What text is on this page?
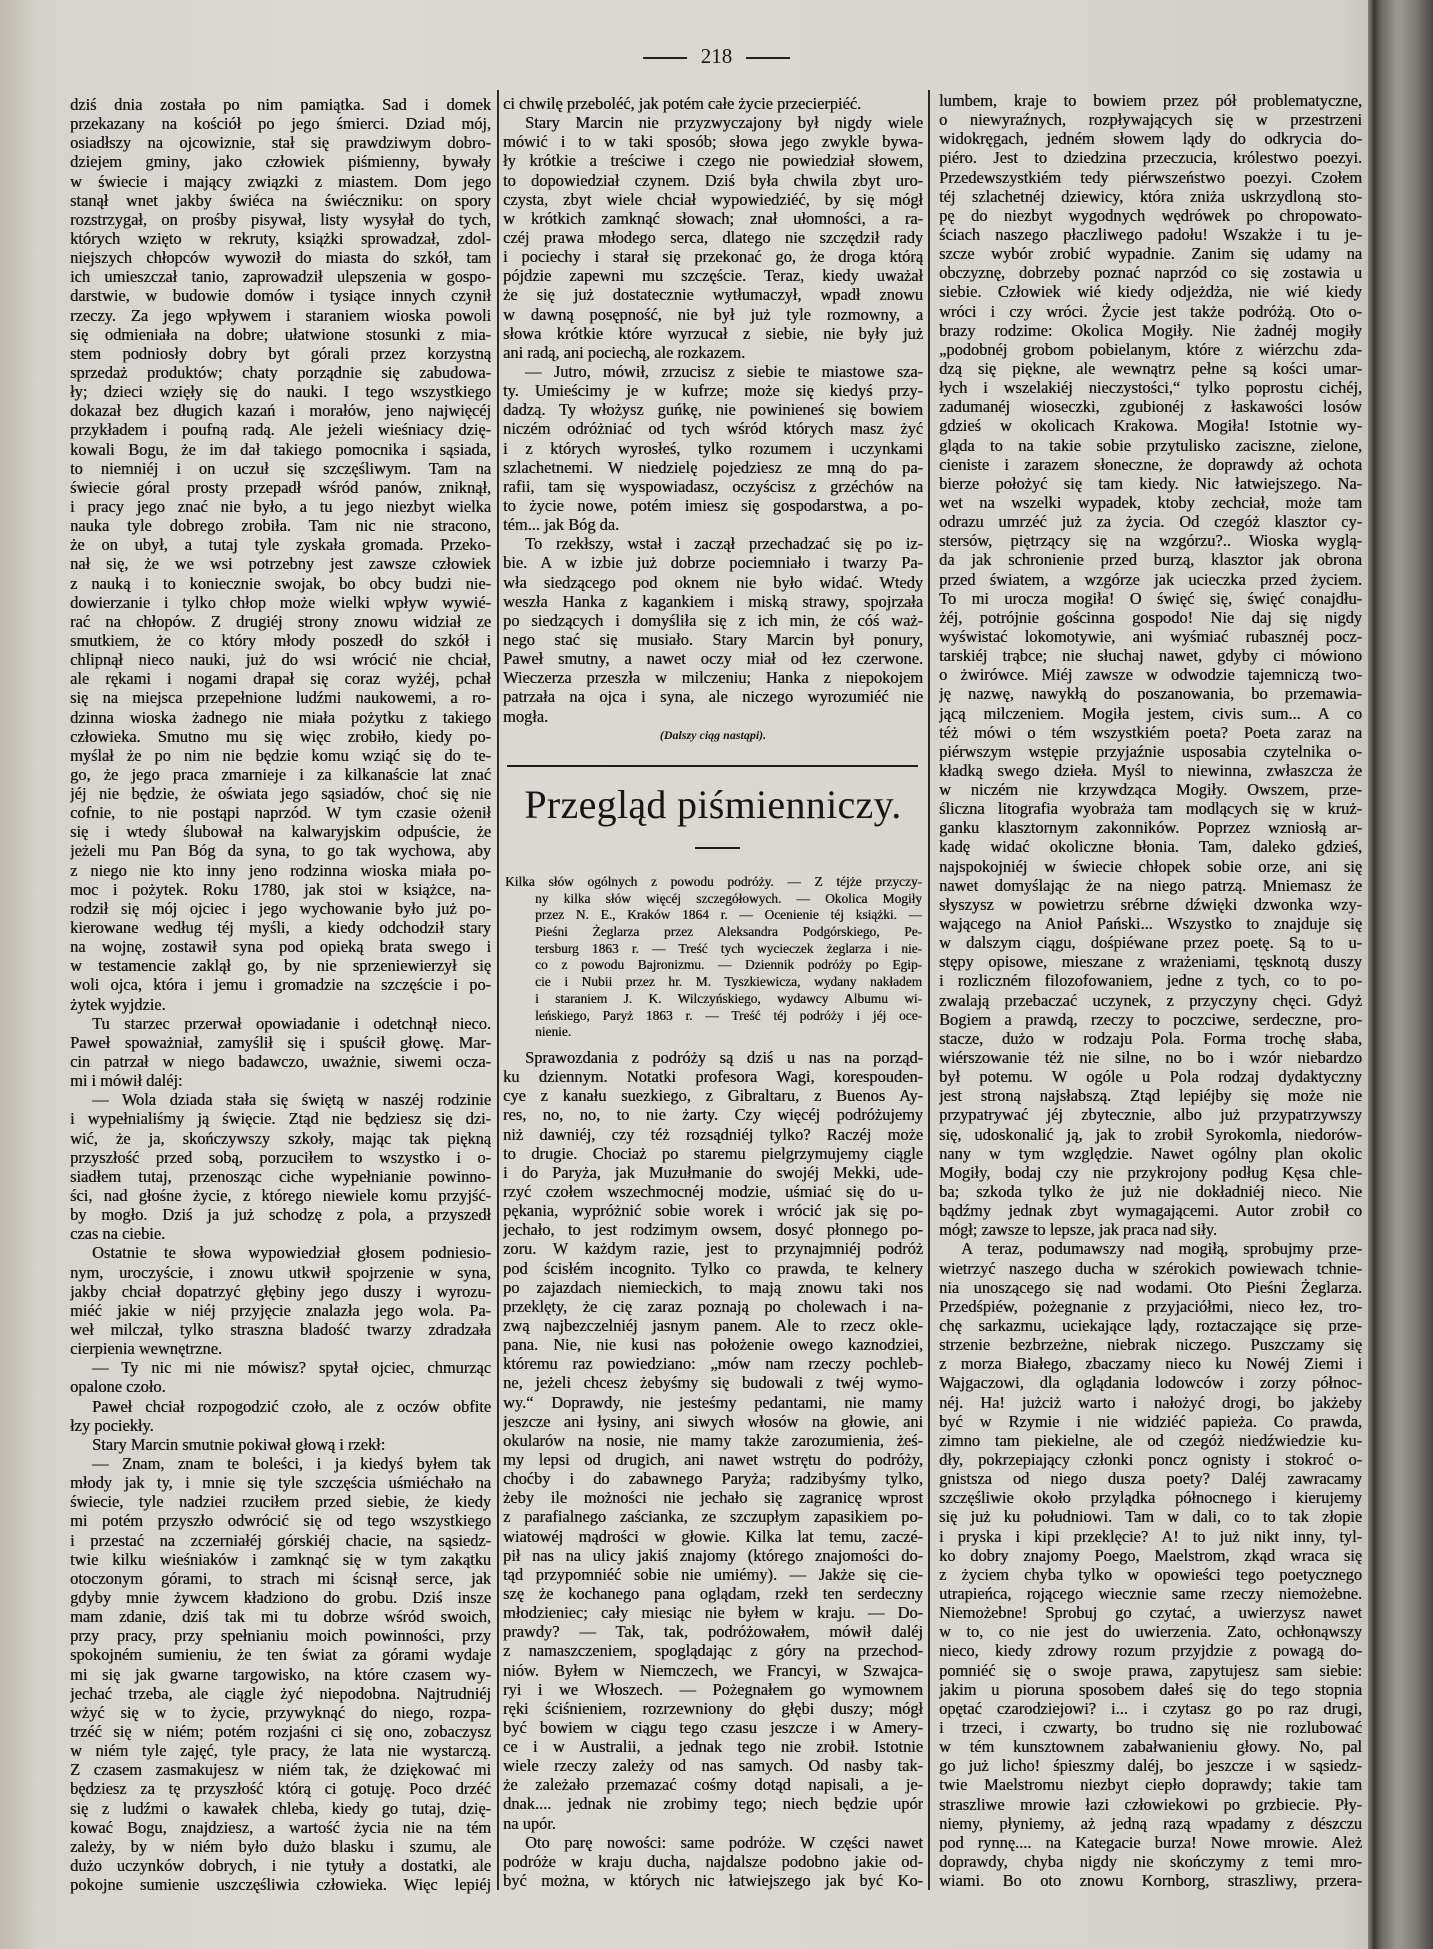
218
dziś dnia została po nim pamiątka. Sad i domek
przekazany na kościół po jego śmierci. Dziad mój,
osiadłszy na ojcowiznie, stał się prawdziwym dobro-
dziejem gminy, jako człowiek piśmienny, bywały
w świecie i mający związki z miastem. Dom jego
stanął wnet jakby świéca na świéczniku: on spory
rozstrzygał, on prośby pisywał, listy wysyłał do tych,
których wzięto w rekruty, książki sprowadzał, zdol-
niejszych chłopców wywoził do miasta do szkół, tam
ich umieszczał tanio, zaprowadził ulepszenia w gospo-
darstwie, w budowie domów i tysiące innych czynił
rzeczy. Za jego wpływem i staraniem wioska powoli
się odmieniała na dobre; ułatwione stosunki z mia-
stem podniosły dobry byt górali przez korzystną
sprzedaż produktów; chaty porządnie się zabudowa-
ły; dzieci wzięły się do nauki. I tego wszystkiego
dokazał bez długich kazań i morałów, jeno najwięcéj
przykładem i poufną radą. Ale jeżeli wieśniacy dzię-
kowali Bogu, że im dał takiego pomocnika i sąsiada,
to niemniéj i on uczuł się szczęśliwym. Tam na
świecie góral prosty przepadł wśród panów, zniknął,
i pracy jego znać nie było, a tu jego niezbyt wielka
nauka tyle dobrego zrobiła. Tam nic nie stracono,
że on ubył, a tutaj tyle zyskała gromada. Przeko-
nał się, że we wsi potrzebny jest zawsze człowiek
z nauką i to koniecznie swojak, bo obcy budzi nie-
dowierzanie i tylko chłop może wielki wpływ wywié-
rać na chłopów. Z drugiéj strony znowu widział ze
smutkiem, że co który młody poszedł do szkół i
chlipnął nieco nauki, już do wsi wrócić nie chciał,
ale rękami i nogami drapał się coraz wyżéj, pchał
się na miejsca przepełnione ludźmi naukowemi, a ro-
dzinna wioska żadnego nie miała pożytku z takiego
człowieka. Smutno mu się więc zrobiło, kiedy po-
myślał że po nim nie będzie komu wziąć się do te-
go, że jego praca zmarnieje i za kilkanaście lat znać
jéj nie będzie, że oświata jego sąsiadów, choć się nie
cofnie, to nie postąpi naprzód. W tym czasie ożenił
się i wtedy ślubował na kalwaryjskim odpuście, że
jeżeli mu Pan Bóg da syna, to go tak wychowa, aby
z niego nie kto inny jeno rodzinna wioska miała po-
moc i pożytek. Roku 1780, jak stoi w książce, na-
rodził się mój ojciec i jego wychowanie było już po-
kierowane według téj myśli, a kiedy odchodził stary
na wojnę, zostawił syna pod opieką brata swego i
w testamencie zaklął go, by nie sprzeniewierzył się
woli ojca, która i jemu i gromadzie na szczęście i po-
żytek wyjdzie.
Tu starzec przerwał opowiadanie i odetchnął nieco.
Paweł spoważniał, zamyślił się i spuścił głowę. Mar-
cin patrzał w niego badawczo, uważnie, siwemi ocza-
mi i mówił daléj:
— Wola dziada stała się świętą w naszéj rodzinie
i wypełnialiśmy ją święcie. Ztąd nie będziesz się dzi-
wić, że ja, skończywszy szkoły, mając tak piękną
przyszłość przed sobą, porzuciłem to wszystko i o-
siadłem tutaj, przenosząc ciche wypełnianie powinno-
ści, nad głośne życie, z którego niewiele komu przyjść-
by mogło. Dziś ja już schodzę z pola, a przyszedł
czas na ciebie.
Ostatnie te słowa wypowiedział głosem podniesio-
nym, uroczyście, i znowu utkwił spojrzenie w syna,
jakby chciał dopatrzyć głębiny jego duszy i wyrozu-
miéć jakie w niéj przyjęcie znalazła jego wola. Pa-
weł milczał, tylko straszna bladość twarzy zdradzała
cierpienia wewnętrzne.
— Ty nic mi nie mówisz? spytał ojciec, chmurząc
opalone czoło.
Paweł chciał rozpogodzić czoło, ale z oczów obfite
łzy pociekły.
Stary Marcin smutnie pokiwał głową i rzekł:
— Znam, znam te boleści, i ja kiedyś byłem tak
młody jak ty, i mnie się tyle szczęścia uśmiéchało na
świecie, tyle nadziei rzuciłem przed siebie, że kiedy
mi potém przyszło odwrócić się od tego wszystkiego
i przestać na zczerniałéj górskiéj chacie, na sąsiedz-
twie kilku wieśniaków i zamknąć się w tym zakątku
otoczonym górami, to strach mi ścisnął serce, jak
gdyby mnie żywcem kładziono do grobu. Dziś insze
mam zdanie, dziś tak mi tu dobrze wśród swoich,
przy pracy, przy spełnianiu moich powinności, przy
spokojném sumieniu, że ten świat za górami wydaje
mi się jak gwarne targowisko, na które czasem wy-
jechać trzeba, ale ciągle żyć niepodobna. Najtrudniéj
wżyć się w to życie, przywyknąć do niego, rozpa-
trzéć się w niém; potém rozjaśni ci się ono, zobaczysz
w niém tyle zajęć, tyle pracy, że lata nie wystarczą.
Z czasem zasmakujesz w niém tak, że dziękować mi
będziesz za tę przyszłość którą ci gotuję. Poco drzéć
się z ludźmi o kawałek chleba, kiedy go tutaj, dzię-
kować Bogu, znajdziesz, a wartość życia nie na tém
zależy, by w niém było dużo blasku i szumu, ale
dużo uczynków dobrych, i nie tytuły a dostatki, ale
pokojne sumienie uszczęśliwia człowieka. Więc lepiéj
ci chwilę przeboléć, jak potém całe życie przecierpiéć.
Stary Marcin nie przyzwyczajony był nigdy wiele
mówić i to w taki sposób; słowa jego zwykle bywa-
ły krótkie a treściwe i czego nie powiedział słowem,
to dopowiedział czynem. Dziś była chwila zbyt uro-
czysta, zbyt wiele chciał wypowiedziéć, by się mógł
w krótkich zamknąć słowach; znał ułomności, a ra-
czéj prawa młodego serca, dlatego nie szczędził rady
i pociechy i starał się przekonać go, że droga którą
pójdzie zapewni mu szczęście. Teraz, kiedy uważał
że się już dostatecznie wytłumaczył, wpadł znowu
w dawną posępność, nie był już tyle rozmowny, a
słowa krótkie które wyrzucał z siebie, nie były już
ani radą, ani pociechą, ale rozkazem.
— Jutro, mówił, zrzucisz z siebie te miastowe sza-
ty. Umieścimy je w kufrze; może się kiedyś przy-
dadzą. Ty włożysz guńkę, nie powinieneś się bowiem
niczém odróżniać od tych wśród których masz żyć
i z których wyrosłeś, tylko rozumem i uczynkami
szlachetnemi. W niedzielę pojedziesz ze mną do pa-
rafii, tam się wyspowiadasz, oczyścisz z grzéchów na
to życie nowe, potém imiesz się gospodarstwa, a po-
tém... jak Bóg da.
To rzekłszy, wstał i zaczął przechadzać się po iz-
bie. A w izbie już dobrze pociemniało i twarzy Pa-
wła siedzącego pod oknem nie było widać. Wtedy
weszła Hanka z kagankiem i miską strawy, spojrzała
po siedzących i domyśliła się z ich min, że cóś waż-
nego stać się musiało. Stary Marcin był ponury,
Paweł smutny, a nawet oczy miał od łez czerwone.
Wieczerza przeszła w milczeniu; Hanka z niepokojem
patrzała na ojca i syna, ale niczego wyrozumiéć nie
mogła.
(Dalszy ciąg nastąpi).
Przegląd piśmienniczy.
Kilka słów ogólnych z powodu podróży. — Z téjże przyczy-
ny kilka słów więcéj szczegółowych. — Okolica Mogiły
przez N. E., Kraków 1864 r. — Ocenienie téj książki. —
Pieśni Żeglarza przez Aleksandra Podgórskiego, Pe-
tersburg 1863 r. — Treść tych wycieczek żeglarza i nie-
co z powodu Bajronizmu. — Dziennik podróży po Egip-
cie i Nubii przez hr. M. Tyszkiewicza, wydany nakładem
i staraniem J. K. Wilczyńskiego, wydawcy Albumu wi-
leńskiego, Paryż 1863 r. — Treść téj podróży i jéj oce-
nienie.
Sprawozdania z podróży są dziś u nas na porząd-
ku dziennym. Notatki profesora Wagi, korespouden-
cye z kanału suezkiego, z Gibraltaru, z Buenos Ay-
res, no, no, to nie żarty. Czy więcéj podróżujemy
niż dawniéj, czy téż rozsądniéj tylko? Raczéj może
to drugie. Chociaż po staremu pielgrzymujemy ciągle
i do Paryża, jak Muzułmanie do swojéj Mekki, ude-
rzyć czołem wszechmocnéj modzie, uśmiać się do u-
pękania, wypróżnić sobie worek i wrócić jak się po-
jechało, to jest rodzimym owsem, dosyć płonnego po-
zoru. W każdym razie, jest to przynajmniéj podróż
pod ścisłém incognito. Tylko co prawda, te kelnery
po zajazdach niemieckich, to mają znowu taki nos
przeklęty, że cię zaraz poznają po cholewach i na-
zwą najbezczelniéj jasnym panem. Ale to rzecz okle-
pana. Nie, nie kusi nas położenie owego kaznodziei,
któremu raz powiedziano: „mów nam rzeczy pochleb-
ne, jeżeli chcesz żebyśmy się budowali z twéj wymo-
wy.“ Doprawdy, nie jesteśmy pedantami, nie mamy
jeszcze ani łysiny, ani siwych włosów na głowie, ani
okularów na nosie, nie mamy także zarozumienia, żeś-
my lepsi od drugich, ani nawet wstrętu do podróży,
choćby i do zabawnego Paryża; radzibyśmy tylko,
żeby ile możności nie jechało się zagranicę wprost
z parafialnego zaścianka, ze szczupłym zapasikiem po-
wiatowéj mądrości w głowie. Kilka lat temu, zaczé-
pił nas na ulicy jakiś znajomy (którego znajomości do-
tąd przypomniéć sobie nie umiémy). — Jakże się cie-
szę że kochanego pana oglądam, rzekł ten serdeczny
młodzieniec; cały miesiąc nie byłem w kraju. — Do-
prawdy? — Tak, tak, podróżowałem, mówił daléj
z namaszczeniem, spoglądając z góry na przechod-
niów. Byłem w Niemczech, we Francyi, w Szwajca-
ryi i we Włoszech. — Pożegnałem go wymownem
ręki ściśnieniem, rozrzewniony do głębi duszy; mógł
być bowiem w ciągu tego czasu jeszcze i w Amery-
ce i w Australii, a jednak tego nie zrobił. Istotnie
wiele rzeczy zależy od nas samych. Od nasby tak-
że zależało przemazać cośmy dotąd napisali, a je-
dnak.... jednak nie zrobimy tego; niech będzie upór
na upór.
Oto parę nowości: same podróże. W części nawet
podróże w kraju ducha, najdalsze podobno jakie od-
być można, w których nic łatwiejszego jak być Ko-
lumbem, kraje to bowiem przez pół problematyczne,
o niewyraźnych, rozpływających się w przestrzeni
widokręgach, jedném słowem lądy do odkrycia do-
piéro. Jest to dziedzina przeczucia, królestwo poezyi.
Przedewszystkiém tedy piérwszeństwo poezyi. Czołem
téj szlachetnéj dziewicy, która zniża uskrzydloną sto-
pę do niezbyt wygodnych wędrówek po chropowato-
ściach naszego płaczliwego padołu! Wszakże i tu je-
szcze wybór zrobić wypadnie. Zanim się udamy na
obczyznę, dobrzeby poznać naprzód co się zostawia u
siebie. Człowiek wié kiedy odjeżdża, nie wié kiedy
wróci i czy wróci. Życie jest także podróżą. Oto o-
brazy rodzime: Okolica Mogiły. Nie żadnéj mogiły
„podobnéj grobom pobielanym, które z wiérzchu zda-
dzą się piękne, ale wewnątrz pełne są kości umar-
łych i wszelakiéj nieczystości,“ tylko poprostu cichéj,
zadumanéj wioseczki, zgubionéj z łaskawości losów
gdzieś w okolicach Krakowa. Mogiła! Istotnie wy-
gląda to na takie sobie przytulisko zaciszne, zielone,
cieniste i zarazem słoneczne, że doprawdy aż ochota
bierze położyć się tam kiedy. Nic łatwiejszego. Na-
wet na wszelki wypadek, ktoby zechciał, może tam
odrazu umrzéć już za życia. Od czegóż klasztor cy-
stersów, piętrzący się na wzgórzu?.. Wioska wyglą-
da jak schronienie przed burzą, klasztor jak obrona
przed światem, a wzgórze jak ucieczka przed życiem.
To mi urocza mogiła! O święć się, święć conajdłu-
żéj, potrójnie gościnna gospodo! Nie daj się nigdy
wyświstać lokomotywie, ani wyśmiać rubasznéj pocz-
tarskiéj trąbce; nie słuchaj nawet, gdyby ci mówiono
o żwirówce. Miéj zawsze w odwodzie tajemniczą two-
ję nazwę, nawykłą do poszanowania, bo przemawia-
jącą milczeniem. Mogiła jestem, civis sum... A co
téż mówi o tém wszystkiém poeta? Poeta zaraz na
piérwszym wstępie przyjaźnie usposabia czytelnika o-
kładką swego dzieła. Myśl to niewinna, zwłaszcza że
w niczém nie krzywdząca Mogiły. Owszem, prze-
śliczna litografia wyobraża tam modlących się w kruż-
ganku klasztornym zakonników. Poprzez wzniosłą ar-
kadę widać okoliczne błonia. Tam, daleko gdzieś,
najspokojniéj w świecie chłopek sobie orze, ani się
nawet domyślając że na niego patrzą. Mniemasz że
słyszysz w powietrzu srébrne dźwięki dzwonka wzy-
wającego na Anioł Pański... Wszystko to znajduje się
w dalszym ciągu, dośpiéwane przez poetę. Są to u-
stępy opisowe, mieszane z wrażeniami, tęsknotą duszy
i rozliczném filozofowaniem, jedne z tych, co to po-
zwalają przebaczać uczynek, z przyczyny chęci. Gdyż
Bogiem a prawdą, rzeczy to poczciwe, serdeczne, pro-
stacze, dużo w rodzaju Pola. Forma trochę słaba,
wiérszowanie téż nie silne, no bo i wzór niebardzo
był potemu. W ogóle u Pola rodzaj dydaktyczny
jest stroną najsłabszą. Ztąd lepiéjby się może nie
przypatrywać jéj zbytecznie, albo już przypatrzywszy
się, udoskonalić ją, jak to zrobił Syrokomla, niedorów-
nany w tym względzie. Nawet ogólny plan okolic
Mogiły, bodaj czy nie przykrojony podług Kęsa chle-
ba; szkoda tylko że już nie dokładniéj nieco. Nie
bądźmy jednak zbyt wymagającemi. Autor zrobił co
mógł; zawsze to lepsze, jak praca nad siły.
A teraz, podumawszy nad mogiłą, sprobujmy prze-
wietrzyć naszego ducha w szérokich powiewach tchnie-
nia unoszącego się nad wodami. Oto Pieśni Żeglarza.
Przedśpiéw, pożegnanie z przyjaciółmi, nieco łez, tro-
chę sarkazmu, uciekające lądy, roztaczające się prze-
strzenie bezbrzeżne, niebrak niczego. Puszczamy się
z morza Białego, zbaczamy nieco ku Nowéj Ziemi i
Wajgaczowi, dla oglądania lodowców i zorzy północ-
néj. Ha! jużciż warto i nałożyć drogi, bo jakżeby
być w Rzymie i nie widziéć papieża. Co prawda,
zimno tam piekielne, ale od czegóż niedźwiedzie ku-
dły, pokrzepiający członki poncz ognisty i stokroć o-
gnistsza od niego dusza poety? Daléj zawracamy
szczęśliwie około przylądka północnego i kierujemy
się już ku południowi. Tam w dali, co to tak złopie
i pryska i kipi przeklęcie? A! to już nikt inny, tyl-
ko dobry znajomy Poego, Maelstrom, zkąd wraca się
z życiem chyba tylko w opowieści tego poetycznego
utrapieńca, rojącego wiecznie same rzeczy niemożebne.
Niemożebne! Sprobuj go czytać, a uwierzysz nawet
w to, co nie jest do uwierzenia. Zato, ochłonąwszy
nieco, kiedy zdrowy rozum przyjdzie z powagą do-
pomniéć się o swoje prawa, zapytujesz sam siebie:
jakim u pioruna sposobem dałeś się do tego stopnia
opętać czarodziejowi? i... i czytasz go po raz drugi,
i trzeci, i czwarty, bo trudno się nie rozlubować
w tém kunsztownem zabałwanieniu głowy. No, pal
go już licho! śpieszmy daléj, bo jeszcze i w sąsiedz-
twie Maelstromu niezbyt ciepło doprawdy; takie tam
straszliwe mrowie łazi człowiekowi po grzbiecie. Pły-
niemy, płyniemy, aż jedną razą wpadamy z dészczu
pod rynnę.... na Kategacie burza! Nowe mrowie. Ależ
doprawdy, chyba nigdy nie skończymy z temi mro-
wiami. Bo oto znowu Kornborg, straszliwy, przera-
